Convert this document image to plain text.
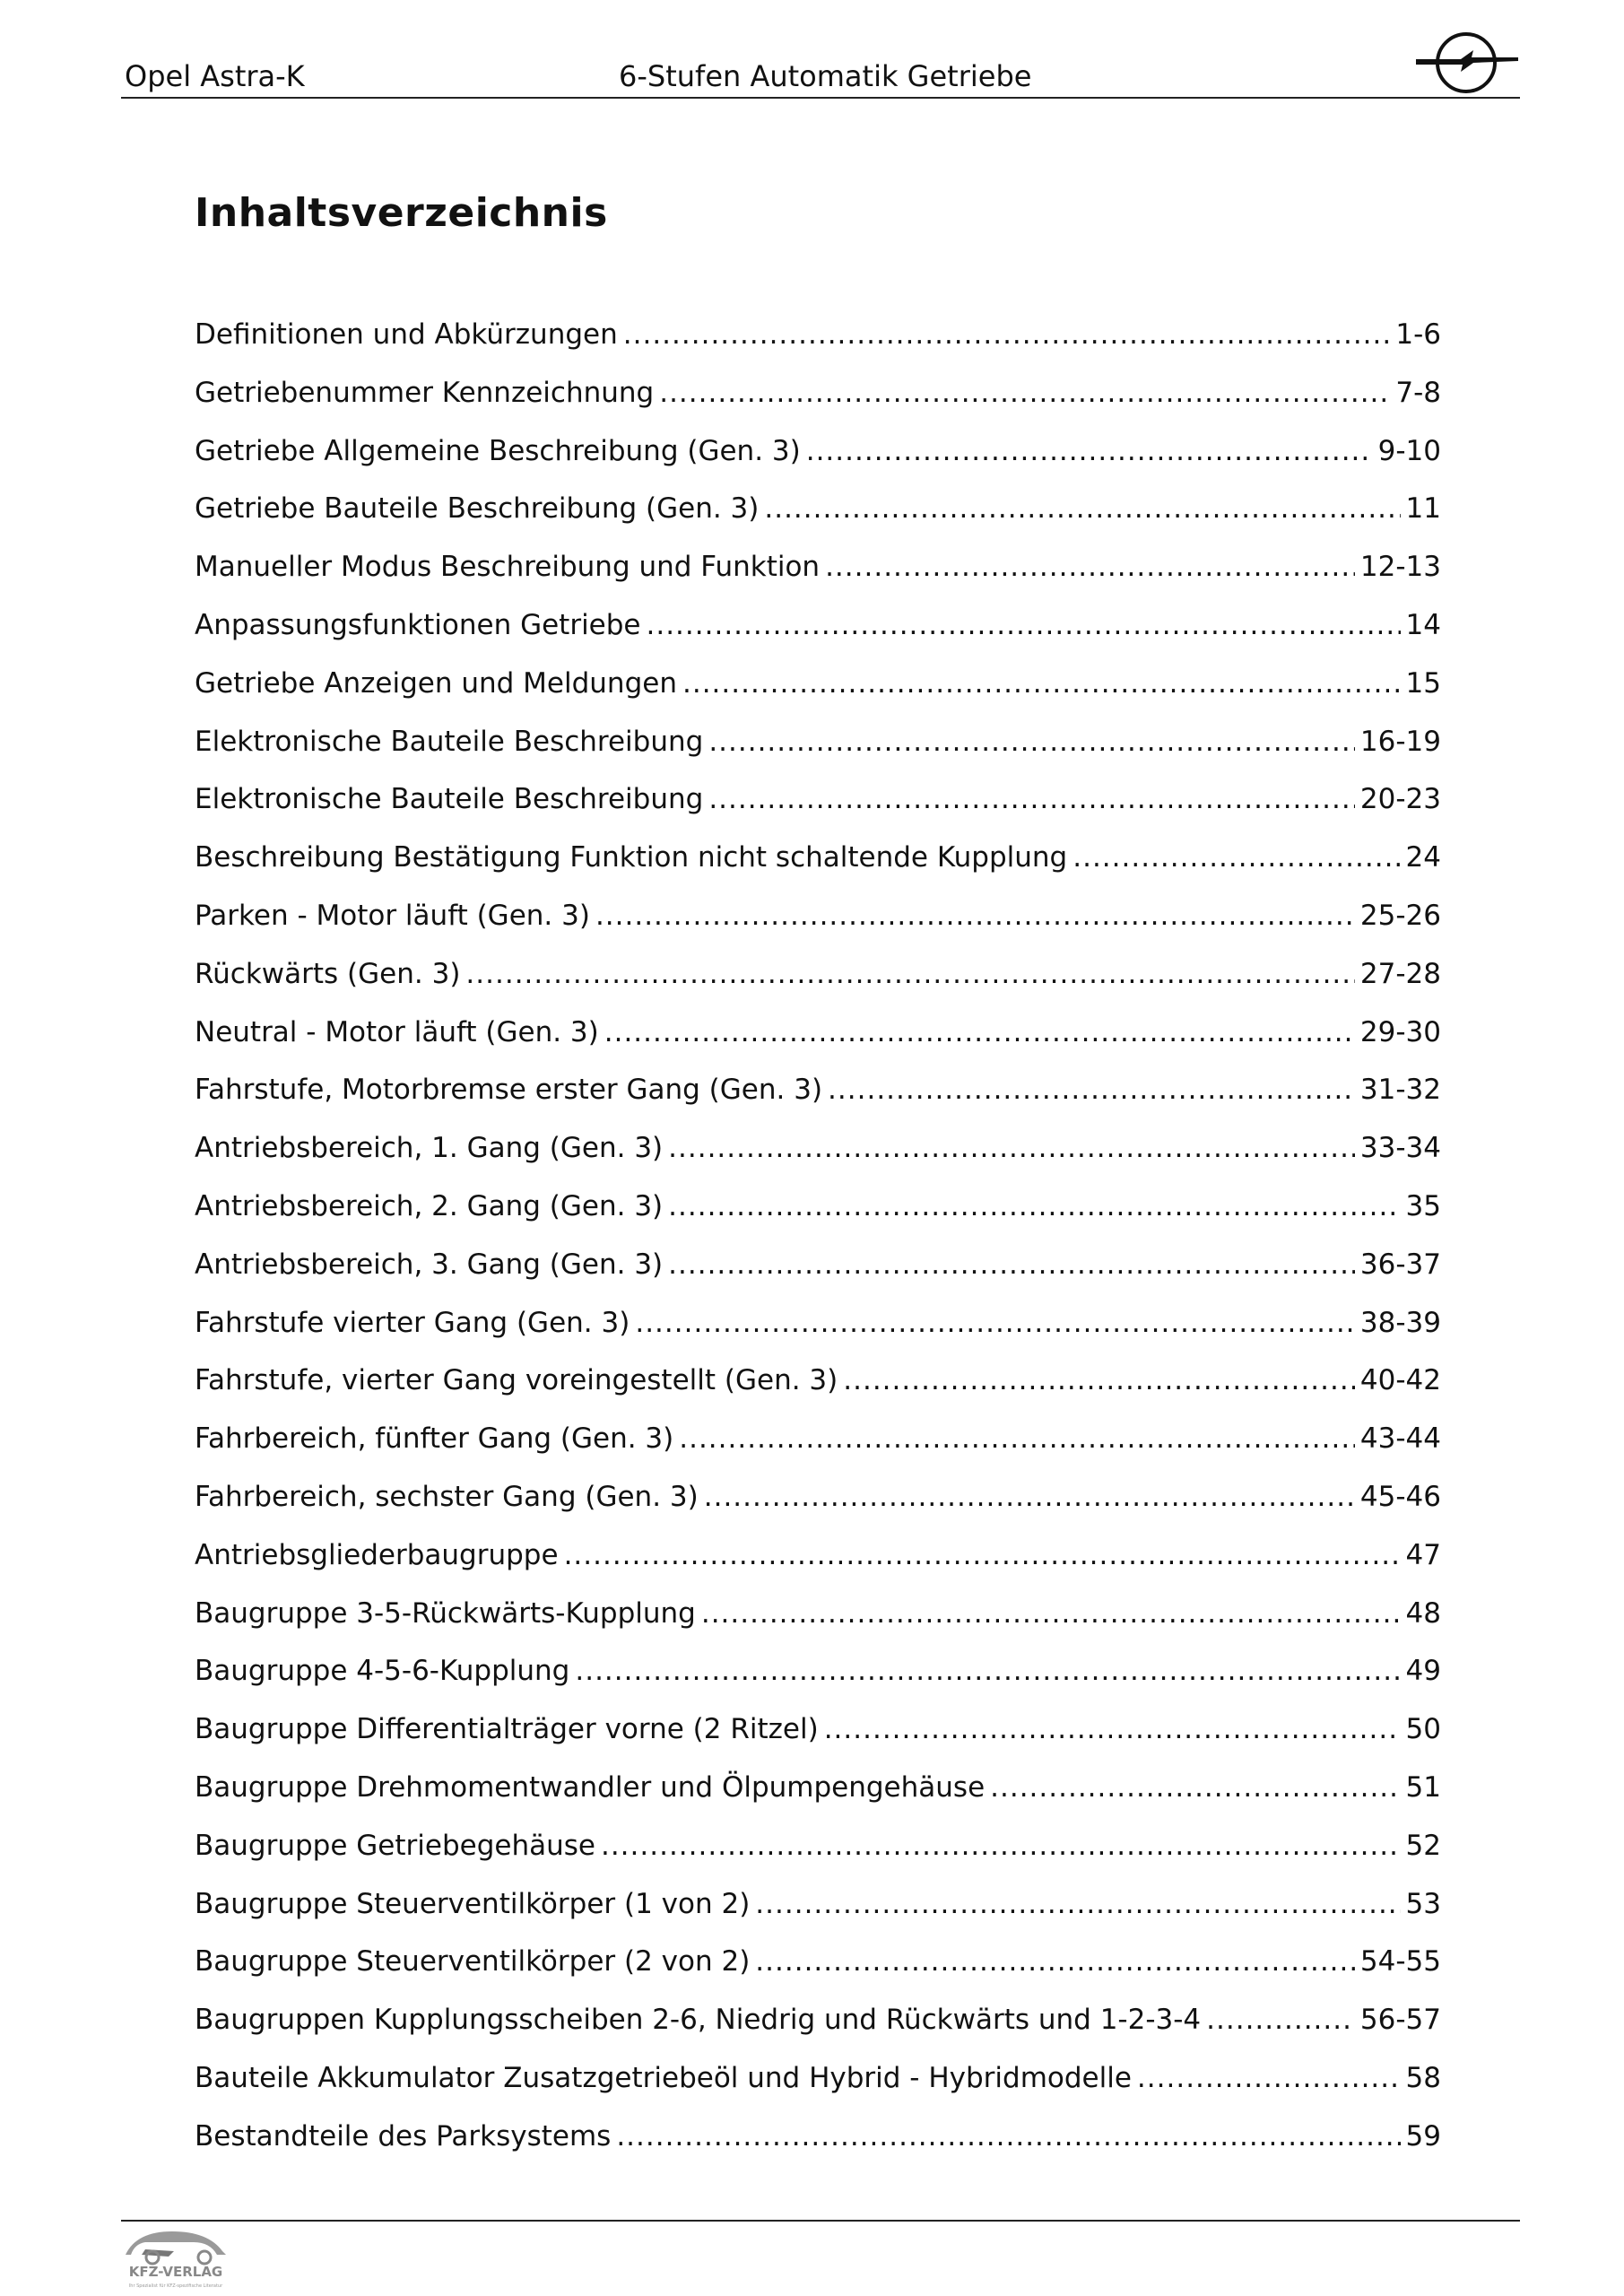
Opel Astra-K	6-Stufen Automatik Getriebe
Inhaltsverzeichnis
Definitionen und Abkürzungen .....	1-6
Getriebenummer Kennzeichnung .....	7-8
Getriebe Allgemeine Beschreibung (Gen. 3) .....	9-10
Getriebe Bauteile Beschreibung (Gen. 3) .....	11
Manueller Modus Beschreibung und Funktion .....	12-13
Anpassungsfunktionen Getriebe .....	14
Getriebe Anzeigen und Meldungen .....	15
Elektronische Bauteile Beschreibung .....	16-19
Elektronische Bauteile Beschreibung .....	20-23
Beschreibung Bestätigung Funktion nicht schaltende Kupplung .....	24
Parken - Motor läuft (Gen. 3) .....	25-26
Rückwärts (Gen. 3) .....	27-28
Neutral - Motor läuft (Gen. 3) .....	29-30
Fahrstufe, Motorbremse erster Gang (Gen. 3) .....	31-32
Antriebsbereich, 1. Gang (Gen. 3) .....	33-34
Antriebsbereich, 2. Gang (Gen. 3) .....	35
Antriebsbereich, 3. Gang (Gen. 3) .....	36-37
Fahrstufe vierter Gang (Gen. 3) .....	38-39
Fahrstufe, vierter Gang voreingestellt (Gen. 3) .....	40-42
Fahrbereich, fünfter Gang (Gen. 3) .....	43-44
Fahrbereich, sechster Gang (Gen. 3) .....	45-46
Antriebsgliederbaugruppe .....	47
Baugruppe 3-5-Rückwärts-Kupplung .....	48
Baugruppe 4-5-6-Kupplung .....	49
Baugruppe Differentialträger vorne (2 Ritzel) .....	50
Baugruppe Drehmomentwandler und Ölpumpengehäuse .....	51
Baugruppe Getriebegehäuse .....	52
Baugruppe Steuerventilkörper (1 von 2) .....	53
Baugruppe Steuerventilkörper (2 von 2) .....	54-55
Baugruppen Kupplungsscheiben 2-6, Niedrig und Rückwärts und 1-2-3-4 .....	56-57
Bauteile Akkumulator Zusatzgetriebeöl und Hybrid - Hybridmodelle .....	58
Bestandteile des Parksystems .....	59
KFZ-VERLAG
Ihr Spezialist für KFZ-spezifische Literatur
